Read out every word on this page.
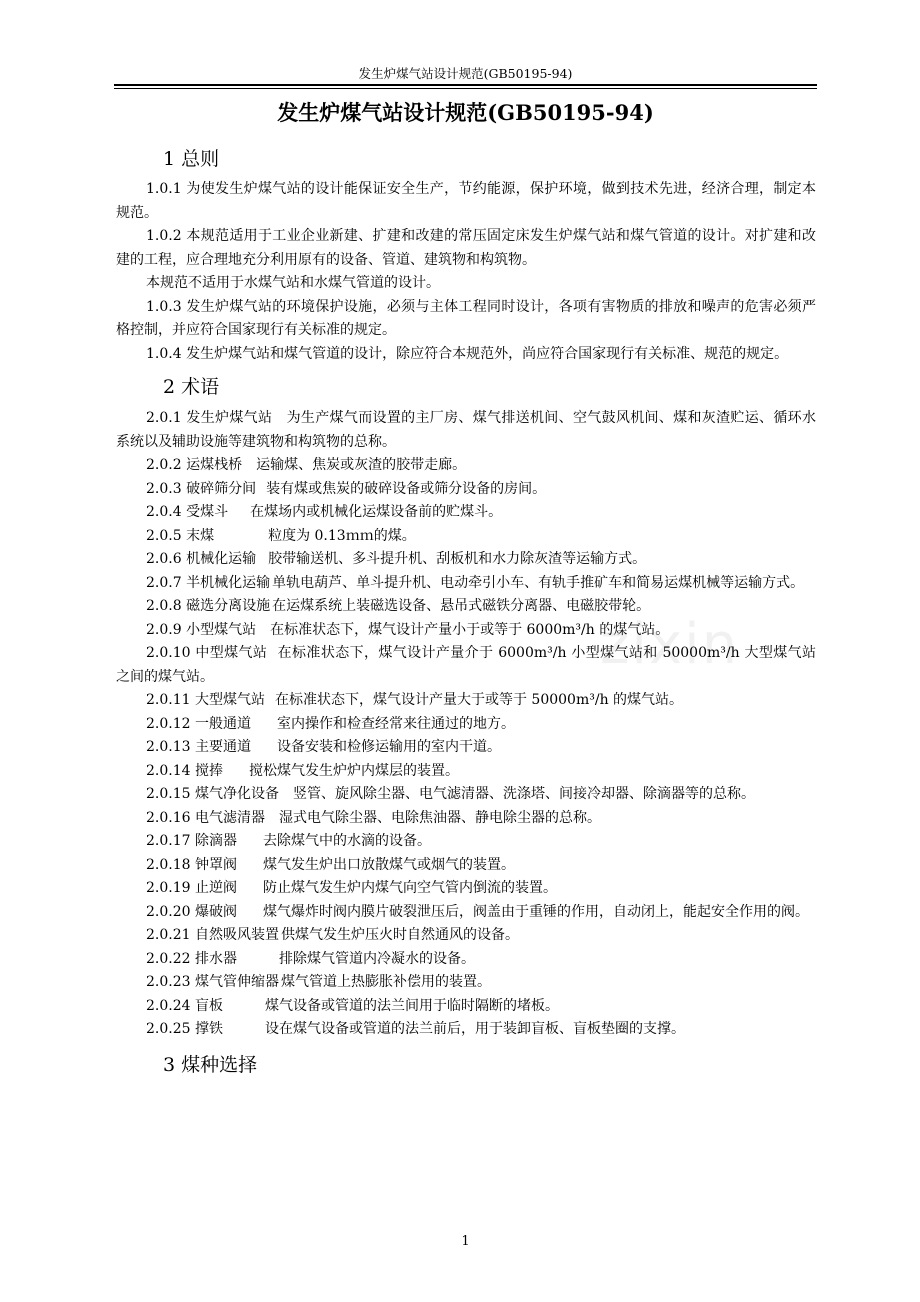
发生炉煤气站设计规范(GB50195-94)
发生炉煤气站设计规范(GB50195-94)
zixin
1 总则

1.0.1 为使发生炉煤气站的设计能保证安全生产，节约能源，保护环境，做到技术先进，经济合理，制定本规范。

1.0.2 本规范适用于工业企业新建、扩建和改建的常压固定床发生炉煤气站和煤气管道的设计。对扩建和改建的工程，应合理地充分利用原有的设备、管道、建筑物和构筑物。

本规范不适用于水煤气站和水煤气管道的设计。

1.0.3 发生炉煤气站的环境保护设施，必须与主体工程同时设计，各项有害物质的排放和噪声的危害必须严格控制，并应符合国家现行有关标准的规定。

1.0.4 发生炉煤气站和煤气管道的设计，除应符合本规范外，尚应符合国家现行有关标准、规范的规定。

2 术语

2.0.1 发生炉煤气站 为生产煤气而设置的主厂房、煤气排送机间、空气鼓风机间、煤和灰渣贮运、循环水系统以及辅助设施等建筑物和构筑物的总称。

2.0.2 运煤栈桥 运输煤、焦炭或灰渣的胶带走廊。

2.0.3 破碎筛分间 装有煤或焦炭的破碎设备或筛分设备的房间。

2.0.4 受煤斗 在煤场内或机械化运煤设备前的贮煤斗。

2.0.5 末煤	粒度为 0.13ｍｍ的煤。

2.0.6 机械化运输 胶带输送机、多斗提升机、刮板机和水力除灰渣等运输方式。

2.0.7 半机械化运输 单轨电葫芦、单斗提升机、电动牵引小车、有轨手推矿车和简易运煤机械等运输方式。

2.0.8 磁选分离设施 在运煤系统上装磁选设备、悬吊式磁铁分离器、电磁胶带轮。

2.0.9 小型煤气站 在标准状态下，煤气设计产量小于或等于 6000m³/h 的煤气站。

2.0.10 中型煤气站 在标准状态下，煤气设计产量介于 6000m³/h 小型煤气站和 50000m³/h 大型煤气站之间的煤气站。

2.0.11 大型煤气站 在标准状态下，煤气设计产量大于或等于 50000m³/h 的煤气站。

2.0.12 一般通道 室内操作和检查经常来往通过的地方。

2.0.13 主要通道 设备安装和检修运输用的室内干道。

2.0.14 搅捧 搅松煤气发生炉炉内煤层的装置。

2.0.15 煤气净化设备 竖管、旋风除尘器、电气滤清器、洗涤塔、间接冷却器、除滴器等的总称。

2.0.16 电气滤清器 湿式电气除尘器、电除焦油器、静电除尘器的总称。

2.0.17 除滴器 去除煤气中的水滴的设备。

2.0.18 钟罩阀 煤气发生炉出口放散煤气或烟气的装置。

2.0.19 止逆阀 防止煤气发生炉内煤气向空气管内倒流的装置。

2.0.20 爆破阀 煤气爆炸时阀内膜片破裂泄压后，阀盖由于重锤的作用，自动闭上，能起安全作用的阀。

2.0.21 自然吸风装置 供煤气发生炉压火时自然通风的设备。

2.0.22 排水器	排除煤气管道内冷凝水的设备。

2.0.23 煤气管伸缩器 煤气管道上热膨胀补偿用的装置。

2.0.24 盲板	煤气设备或管道的法兰间用于临时隔断的堵板。

2.0.25 撑铁	设在煤气设备或管道的法兰前后，用于装卸盲板、盲板垫圈的支撑。

3 煤种选择
1
